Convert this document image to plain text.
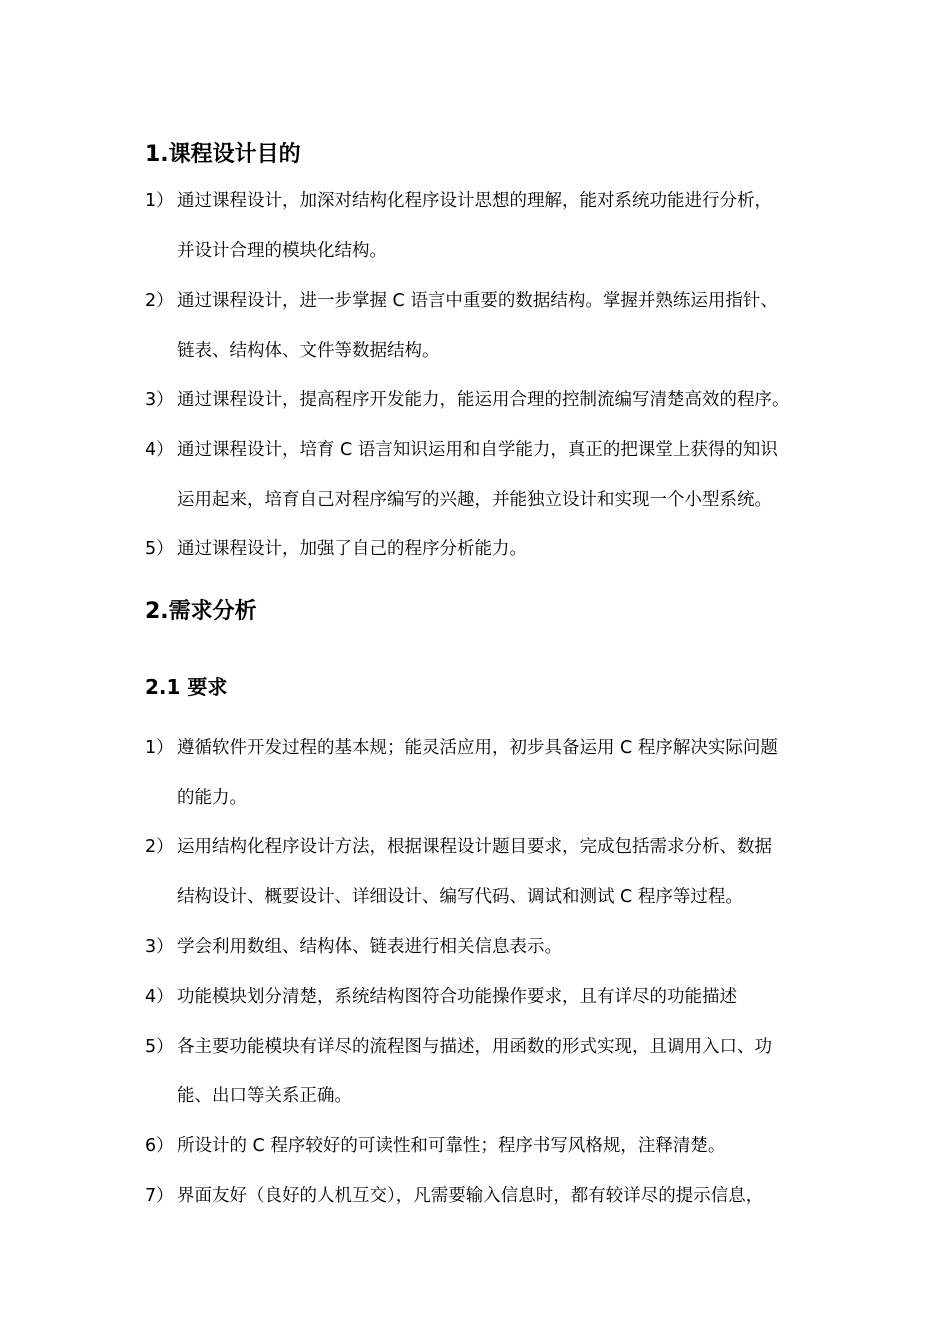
1.课程设计目的
1） 通过课程设计，加深对结构化程序设计思想的理解，能对系统功能进行分析，
并设计合理的模块化结构。
2） 通过课程设计，进一步掌握 C 语言中重要的数据结构。掌握并熟练运用指针、
链表、结构体、文件等数据结构。
3） 通过课程设计，提高程序开发能力，能运用合理的控制流编写清楚高效的程序。
4） 通过课程设计，培育 C 语言知识运用和自学能力，真正的把课堂上获得的知识
运用起来，培育自己对程序编写的兴趣，并能独立设计和实现一个小型系统。
5） 通过课程设计，加强了自己的程序分析能力。
2.需求分析
2.1 要求
1） 遵循软件开发过程的基本规；能灵活应用，初步具备运用 C 程序解决实际问题
的能力。
2） 运用结构化程序设计方法，根据课程设计题目要求，完成包括需求分析、数据
结构设计、概要设计、详细设计、编写代码、调试和测试 C 程序等过程。
3） 学会利用数组、结构体、链表进行相关信息表示。
4） 功能模块划分清楚，系统结构图符合功能操作要求，且有详尽的功能描述
5） 各主要功能模块有详尽的流程图与描述，用函数的形式实现，且调用入口、功
能、出口等关系正确。
6） 所设计的 C 程序较好的可读性和可靠性；程序书写风格规，注释清楚。
7） 界面友好（良好的人机互交），凡需要输入信息时，都有较详尽的提示信息，
